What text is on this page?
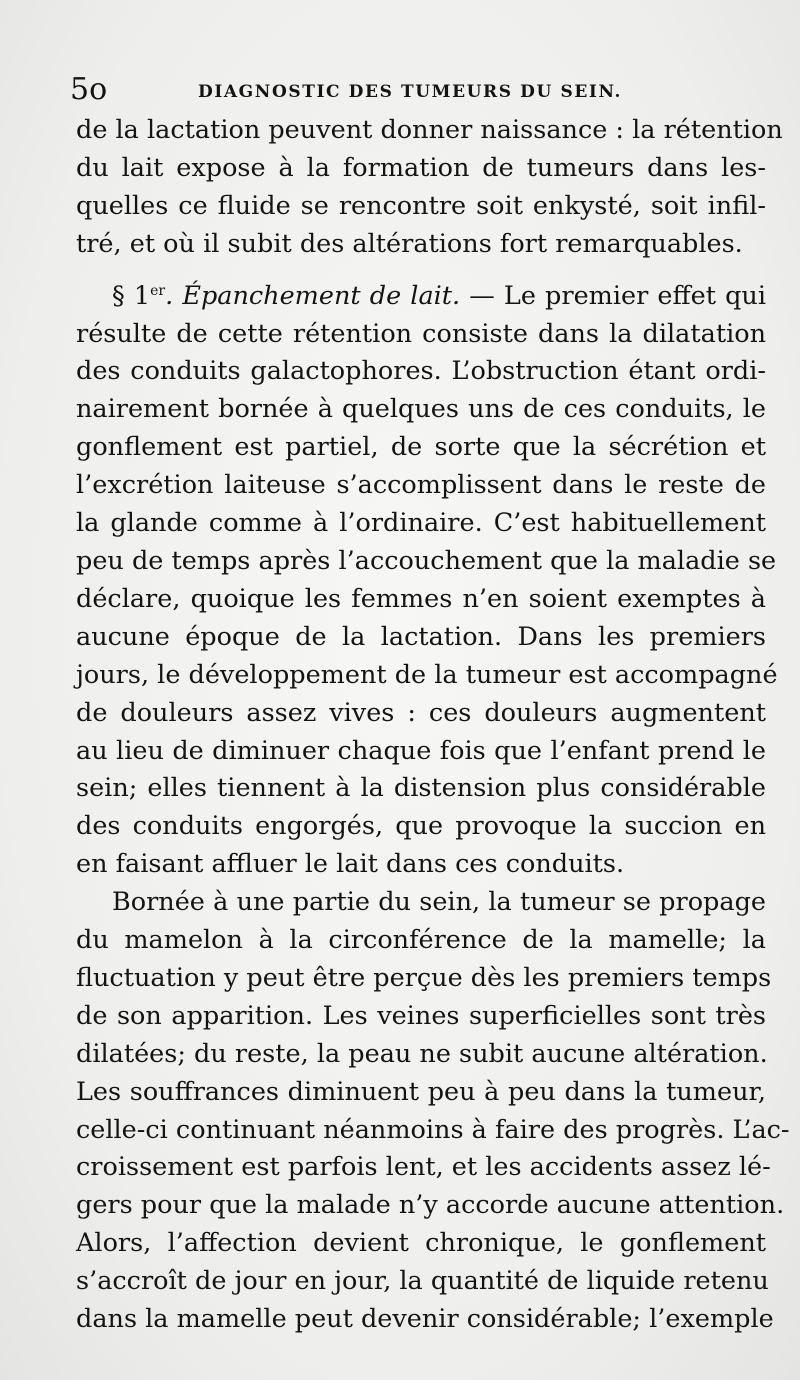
5o	DIAGNOSTIC DES TUMEURS DU SEIN.

de la lactation peuvent donner naissance : la rétention
du lait expose à la formation de tumeurs dans les-
quelles ce fluide se rencontre soit enkysté, soit infil-
tré, et où il subit des altérations fort remarquables.

§ 1er. Épanchement de lait. — Le premier effet qui
résulte de cette rétention consiste dans la dilatation
des conduits galactophores. L’obstruction étant ordi-
nairement bornée à quelques uns de ces conduits, le
gonflement est partiel, de sorte que la sécrétion et
l’excrétion laiteuse s’accomplissent dans le reste de
la glande comme à l’ordinaire. C’est habituellement
peu de temps après l’accouchement que la maladie se
déclare, quoique les femmes n’en soient exemptes à
aucune époque de la lactation. Dans les premiers
jours, le développement de la tumeur est accompagné
de douleurs assez vives : ces douleurs augmentent
au lieu de diminuer chaque fois que l’enfant prend le
sein; elles tiennent à la distension plus considérable
des conduits engorgés, que provoque la succion en
en faisant affluer le lait dans ces conduits.

Bornée à une partie du sein, la tumeur se propage
du mamelon à la circonférence de la mamelle; la
fluctuation y peut être perçue dès les premiers temps
de son apparition. Les veines superficielles sont très
dilatées; du reste, la peau ne subit aucune altération.
Les souffrances diminuent peu à peu dans la tumeur,
celle-ci continuant néanmoins à faire des progrès. L’ac-
croissement est parfois lent, et les accidents assez lé-
gers pour que la malade n’y accorde aucune attention.
Alors, l’affection devient chronique, le gonflement
s’accroît de jour en jour, la quantité de liquide retenu
dans la mamelle peut devenir considérable; l’exemple
